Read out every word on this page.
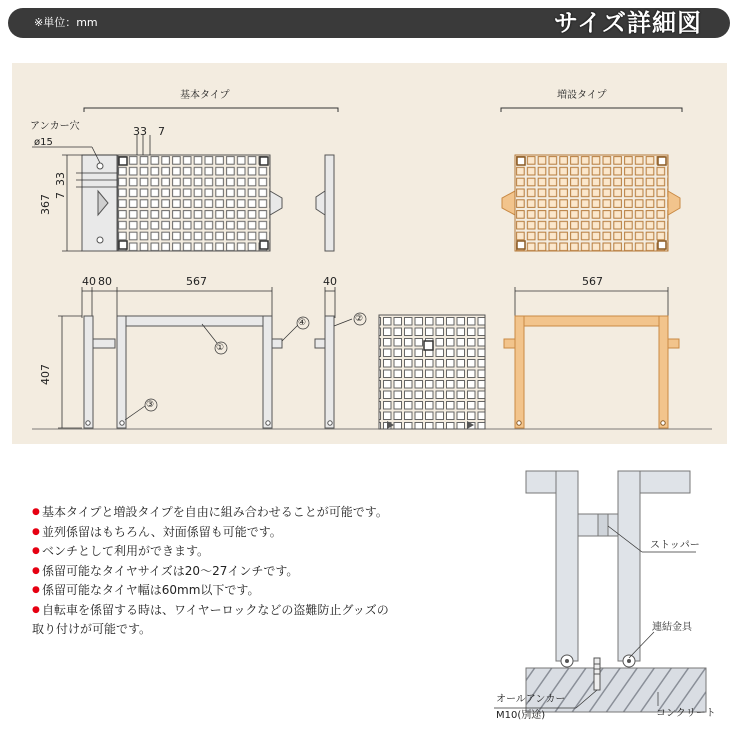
※単位：mm	サイズ詳細図
基本タイプ	増設タイプ
アンカー穴
ø15
33 7
367 7
33
40 80	567	40
407
567
①
②
③
④
● 基本タイプと増設タイプを自由に組み合わせることが可能です。
● 並列係留はもちろん、対面係留も可能です。
● ベンチとして利用ができます。
● 係留可能なタイヤサイズは20～27インチです。
● 係留可能なタイヤ幅は60mm以下です。
● 自転車を係留する時は、ワイヤーロックなどの盗難防止グッズの
取り付けが可能です。
ストッパー
連結金具
オールアンカー
M10(別途)	コンクリート
